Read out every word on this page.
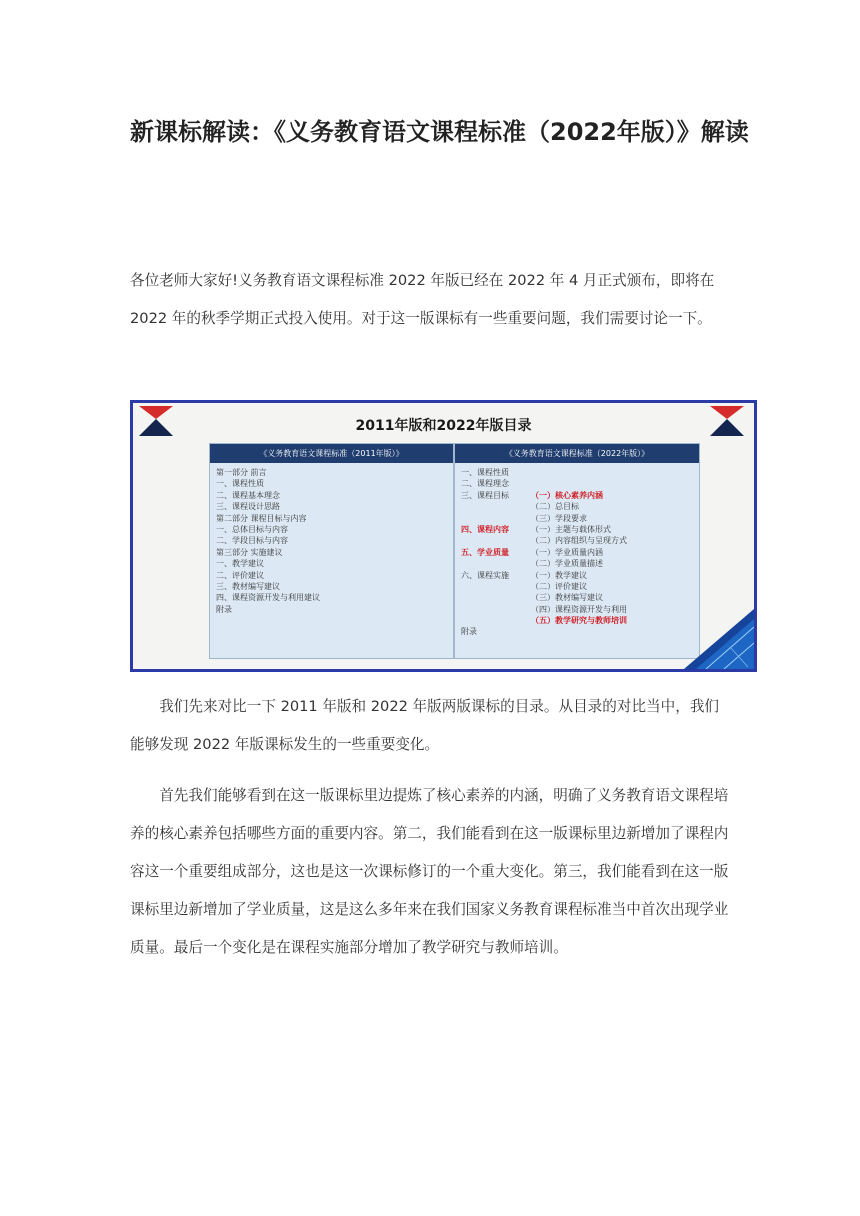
新课标解读：《义务教育语文课程标准（2022年版）》解读

各位老师大家好!义务教育语文课程标准 2022 年版已经在 2022 年 4 月正式颁布，即将在 2022 年的秋季学期正式投入使用。对于这一版课标有一些重要问题，我们需要讨论一下。

2011年版和2022年版目录
《义务教育语文课程标准（2011年版）》
第一部分 前言
一、课程性质
二、课程基本理念
三、课程设计思路
第二部分 课程目标与内容
一、总体目标与内容
二、学段目标与内容
第三部分 实施建议
一、教学建议
二、评价建议
三、教材编写建议
四、课程资源开发与利用建议
附录
《义务教育语文课程标准（2022年版）》
一、课程性质
二、课程理念
三、课程目标	（一）核心素养内涵
（二）总目标
（三）学段要求
四、课程内容	（一）主题与载体形式
（二）内容组织与呈现方式
五、学业质量	（一）学业质量内涵
（二）学业质量描述
六、课程实施	（一）教学建议
（二）评价建议
（三）教材编写建议
（四）课程资源开发与利用
（五）教学研究与教师培训
附录

我们先来对比一下 2011 年版和 2022 年版两版课标的目录。从目录的对比当中，我们能够发现 2022 年版课标发生的一些重要变化。

首先我们能够看到在这一版课标里边提炼了核心素养的内涵，明确了义务教育语文课程培养的核心素养包括哪些方面的重要内容。第二，我们能看到在这一版课标里边新增加了课程内容这一个重要组成部分，这也是这一次课标修订的一个重大变化。第三，我们能看到在这一版课标里边新增加了学业质量，这是这么多年来在我们国家义务教育课程标准当中首次出现学业质量。最后一个变化是在课程实施部分增加了教学研究与教师培训。
